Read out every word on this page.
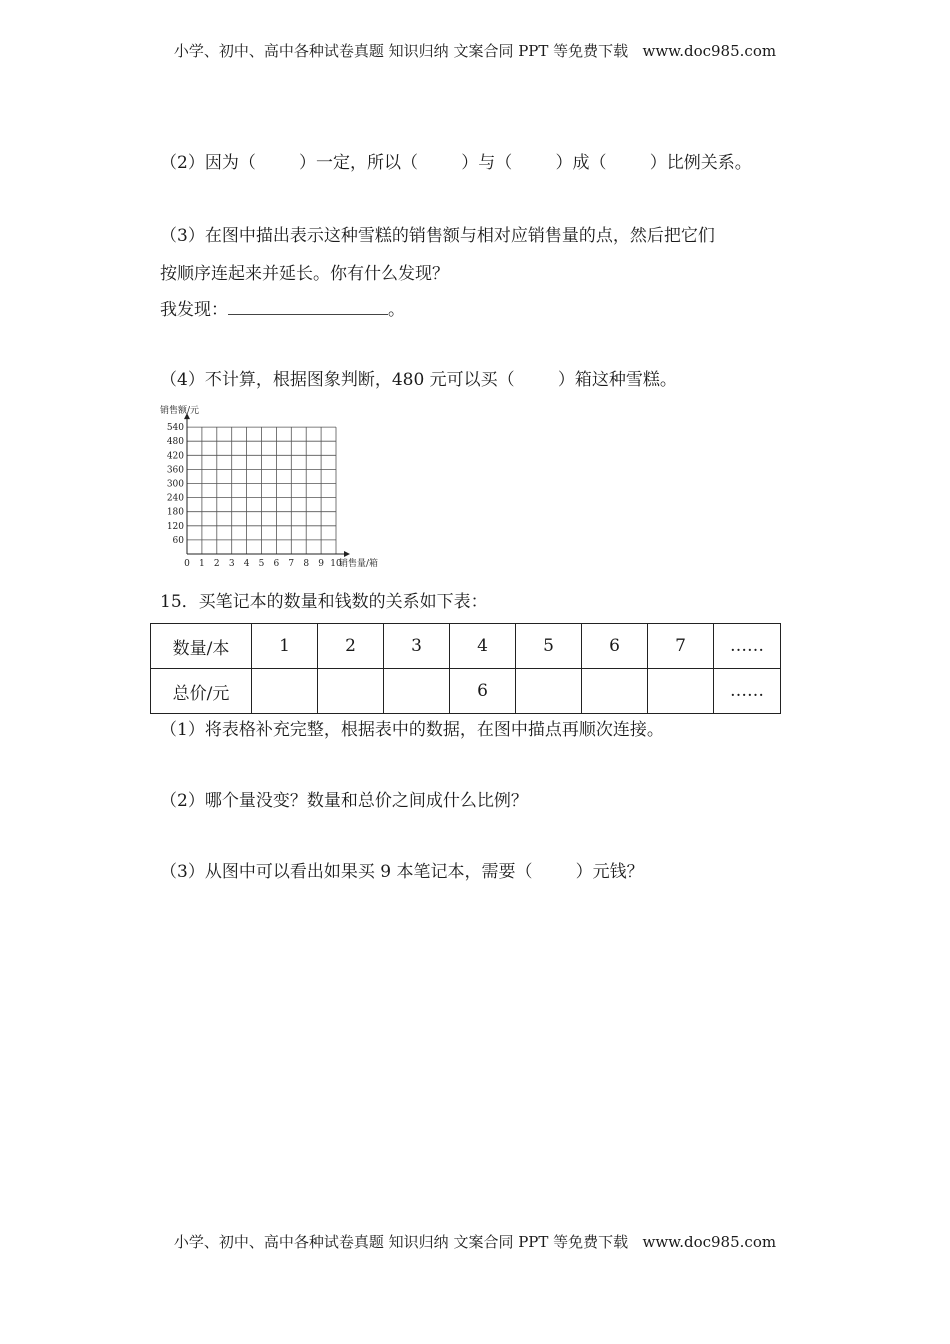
小学、初中、高中各种试卷真题 知识归纳 文案合同 PPT 等免费下载   www.doc985.com
（2）因为（        ）一定，所以（        ）与（        ）成（        ）比例关系。
（3）在图中描出表示这种雪糕的销售额与相对应销售量的点，然后把它们
按顺序连起来并延长。你有什么发现？
我发现：	。
（4）不计算，根据图象判断，480 元可以买（        ）箱这种雪糕。
0 1 2 3 4 5 6 7 8 9 10
60
120
180
240
300
360
420
480
540
销售额/元
销售量/箱
15．买笔记本的数量和钱数的关系如下表：
数量/本	1	2	3	4	5	6	7	……
总价/元				6				……
（1）将表格补充完整，根据表中的数据，在图中描点再顺次连接。
（2）哪个量没变？数量和总价之间成什么比例？
（3）从图中可以看出如果买 9 本笔记本，需要（        ）元钱？
小学、初中、高中各种试卷真题 知识归纳 文案合同 PPT 等免费下载   www.doc985.com
